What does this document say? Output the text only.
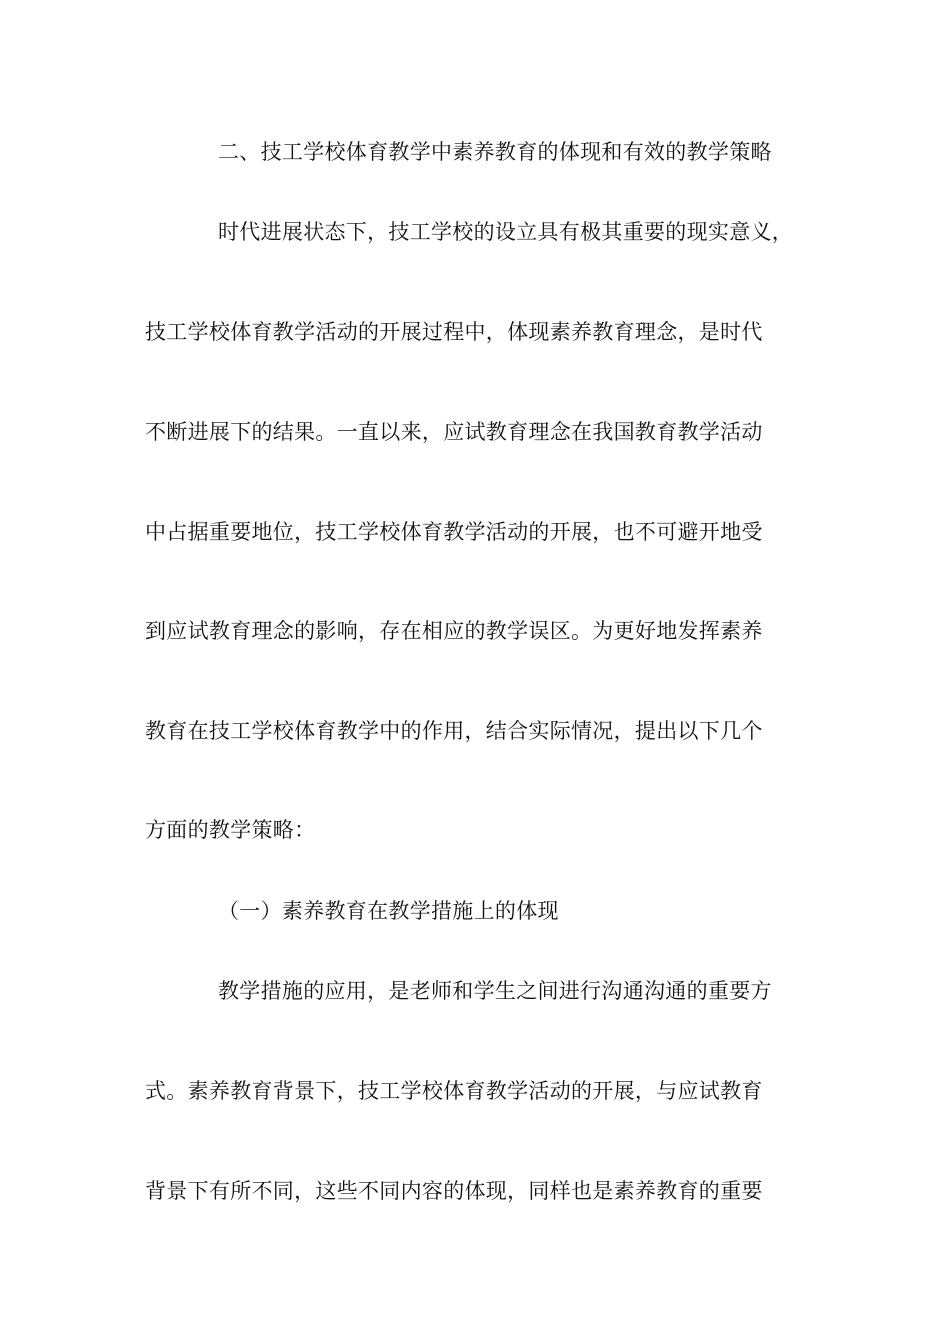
二、技工学校体育教学中素养教育的体现和有效的教学策略
时代进展状态下，技工学校的设立具有极其重要的现实意义，
技工学校体育教学活动的开展过程中，体现素养教育理念，是时代
不断进展下的结果。一直以来，应试教育理念在我国教育教学活动
中占据重要地位，技工学校体育教学活动的开展，也不可避开地受
到应试教育理念的影响，存在相应的教学误区。为更好地发挥素养
教育在技工学校体育教学中的作用，结合实际情况，提出以下几个
方面的教学策略：
（一）素养教育在教学措施上的体现
教学措施的应用，是老师和学生之间进行沟通沟通的重要方
式。素养教育背景下，技工学校体育教学活动的开展，与应试教育
背景下有所不同，这些不同内容的体现，同样也是素养教育的重要
